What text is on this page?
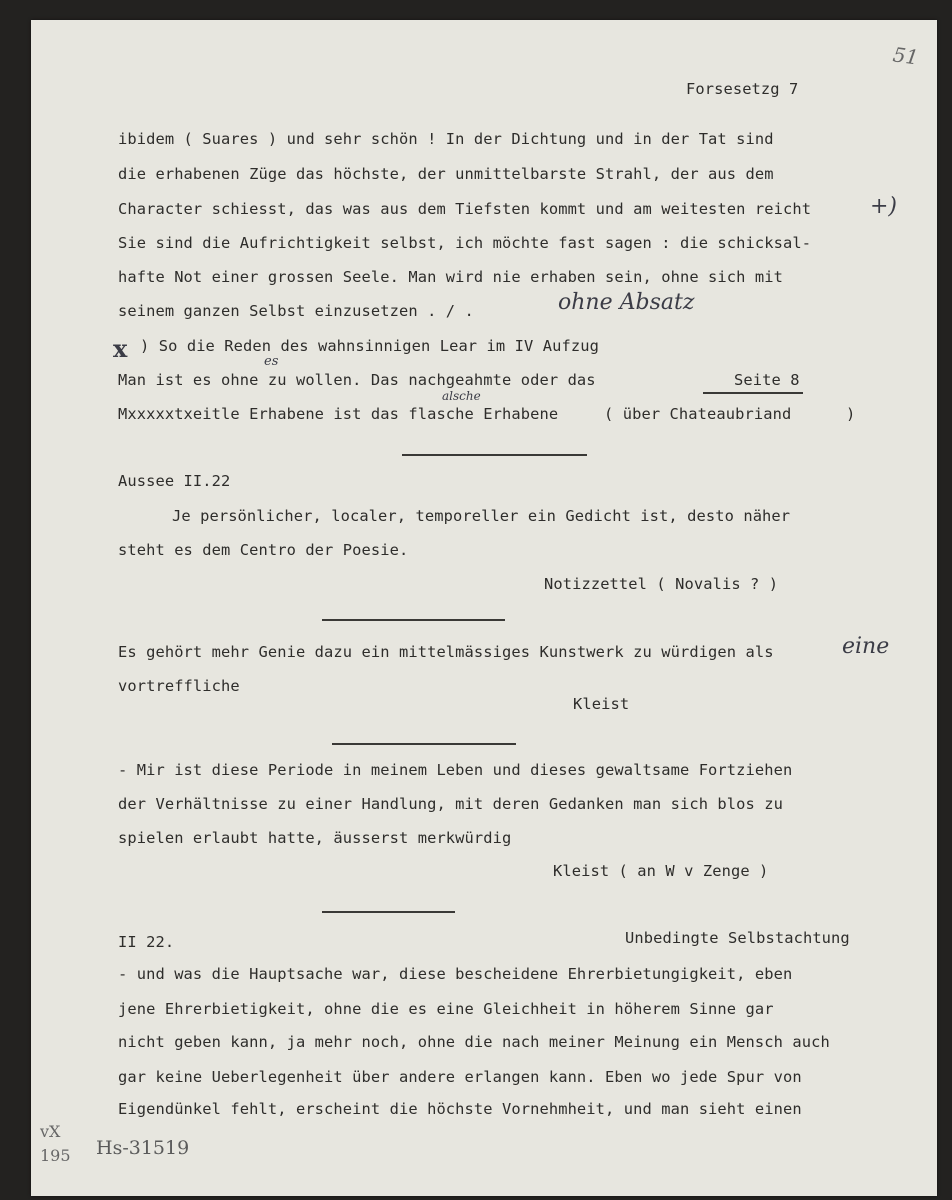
51
Forsesetzg 7
ibidem ( Suares ) und sehr schön ! In der Dichtung und in der Tat sind
die erhabenen Züge das höchste, der unmittelbarste Strahl, der aus dem
Character schiesst, das was aus dem Tiefsten kommt und am weitesten reicht	+)
Sie sind die Aufrichtigkeit selbst, ich möchte fast sagen : die schicksal-
hafte Not einer grossen Seele. Man wird nie erhaben sein, ohne sich mit
seinem ganzen Selbst einzusetzen . / .	ohne Absatz
x ) So die Reden des wahnsinnigen Lear im IV Aufzug
Man ist es ohne zu wollen. Das nachgeahmte oder das
es
Seite 8
Mxxxxxtxeitle Erhabene ist das flasche Erhabene
alsche
( über Chateaubriand	)
Aussee II.22
Je persönlicher, localer, temporeller ein Gedicht ist, desto näher
steht es dem Centro der Poesie.
Notizzettel ( Novalis ? )
Es gehört mehr Genie dazu ein mittelmässiges Kunstwerk zu würdigen als	eine
vortreffliche
Kleist
- Mir ist diese Periode in meinem Leben und dieses gewaltsame Fortziehen
der Verhältnisse zu einer Handlung, mit deren Gedanken man sich blos zu
spielen erlaubt hatte, äusserst merkwürdig
Kleist ( an W v Zenge )
II 22.	Unbedingte Selbstachtung
- und was die Hauptsache war, diese bescheidene Ehrerbietungigkeit, eben
jene Ehrerbietigkeit, ohne die es eine Gleichheit in höherem Sinne gar
nicht geben kann, ja mehr noch, ohne die nach meiner Meinung ein Mensch auch
gar keine Ueberlegenheit über andere erlangen kann. Eben wo jede Spur von
Eigendünkel fehlt, erscheint die höchste Vornehmheit, und man sieht einen
vX
195 Hs-31519
